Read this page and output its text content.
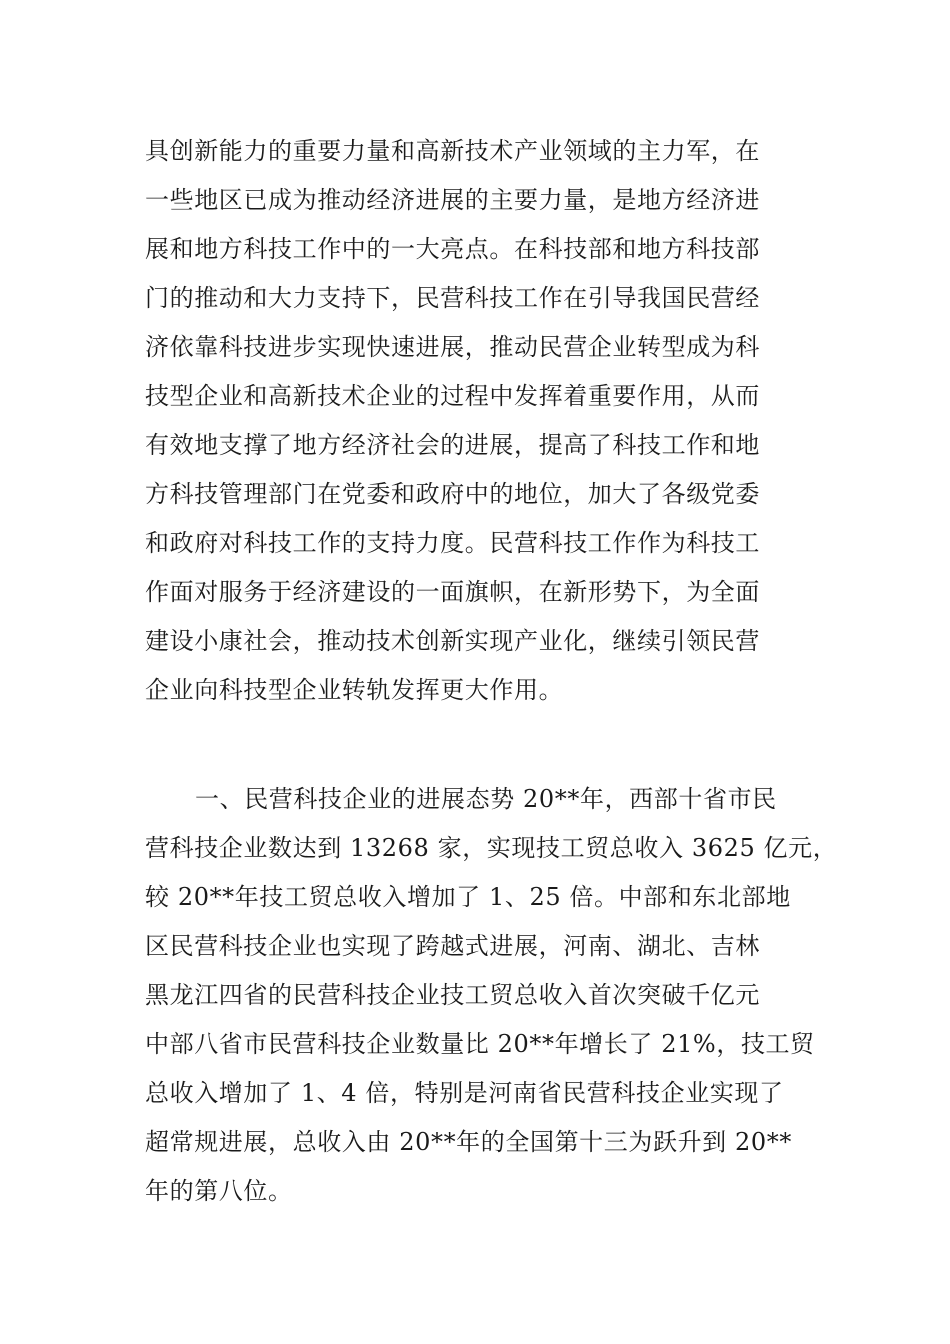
具创新能力的重要力量和高新技术产业领域的主力军，在
一些地区已成为推动经济进展的主要力量，是地方经济进
展和地方科技工作中的一大亮点。在科技部和地方科技部
门的推动和大力支持下，民营科技工作在引导我国民营经
济依靠科技进步实现快速进展，推动民营企业转型成为科
技型企业和高新技术企业的过程中发挥着重要作用，从而
有效地支撑了地方经济社会的进展，提高了科技工作和地
方科技管理部门在党委和政府中的地位，加大了各级党委
和政府对科技工作的支持力度。民营科技工作作为科技工
作面对服务于经济建设的一面旗帜，在新形势下，为全面
建设小康社会，推动技术创新实现产业化，继续引领民营
企业向科技型企业转轨发挥更大作用。
一、民营科技企业的进展态势 20**年，西部十省市民
营科技企业数达到 13268 家，实现技工贸总收入 3625 亿元，
较 20**年技工贸总收入增加了 1、25 倍。中部和东北部地
区民营科技企业也实现了跨越式进展，河南、湖北、吉林
黑龙江四省的民营科技企业技工贸总收入首次突破千亿元
中部八省市民营科技企业数量比 20**年增长了 21%，技工贸
总收入增加了 1、4 倍，特别是河南省民营科技企业实现了
超常规进展，总收入由 20**年的全国第十三为跃升到 20**
年的第八位。
